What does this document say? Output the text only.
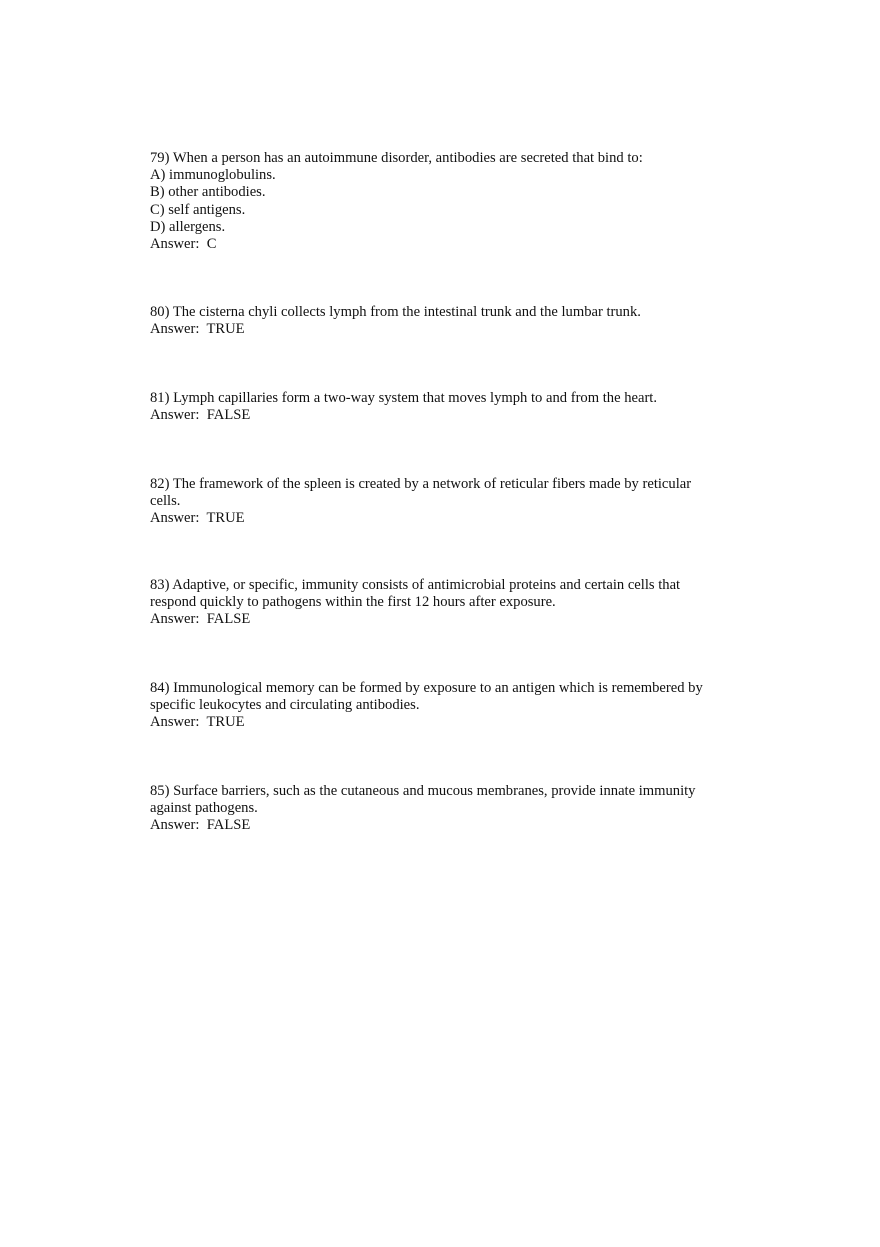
79) When a person has an autoimmune disorder, antibodies are secreted that bind to:
A) immunoglobulins.
B) other antibodies.
C) self antigens.
D) allergens.
Answer:  C
80) The cisterna chyli collects lymph from the intestinal trunk and the lumbar trunk.
Answer:  TRUE
81) Lymph capillaries form a two-way system that moves lymph to and from the heart.
Answer:  FALSE
82) The framework of the spleen is created by a network of reticular fibers made by reticular cells.
Answer:  TRUE
83) Adaptive, or specific, immunity consists of antimicrobial proteins and certain cells that respond quickly to pathogens within the first 12 hours after exposure.
Answer:  FALSE
84) Immunological memory can be formed by exposure to an antigen which is remembered by specific leukocytes and circulating antibodies.
Answer:  TRUE
85) Surface barriers, such as the cutaneous and mucous membranes, provide innate immunity against pathogens.
Answer:  FALSE
